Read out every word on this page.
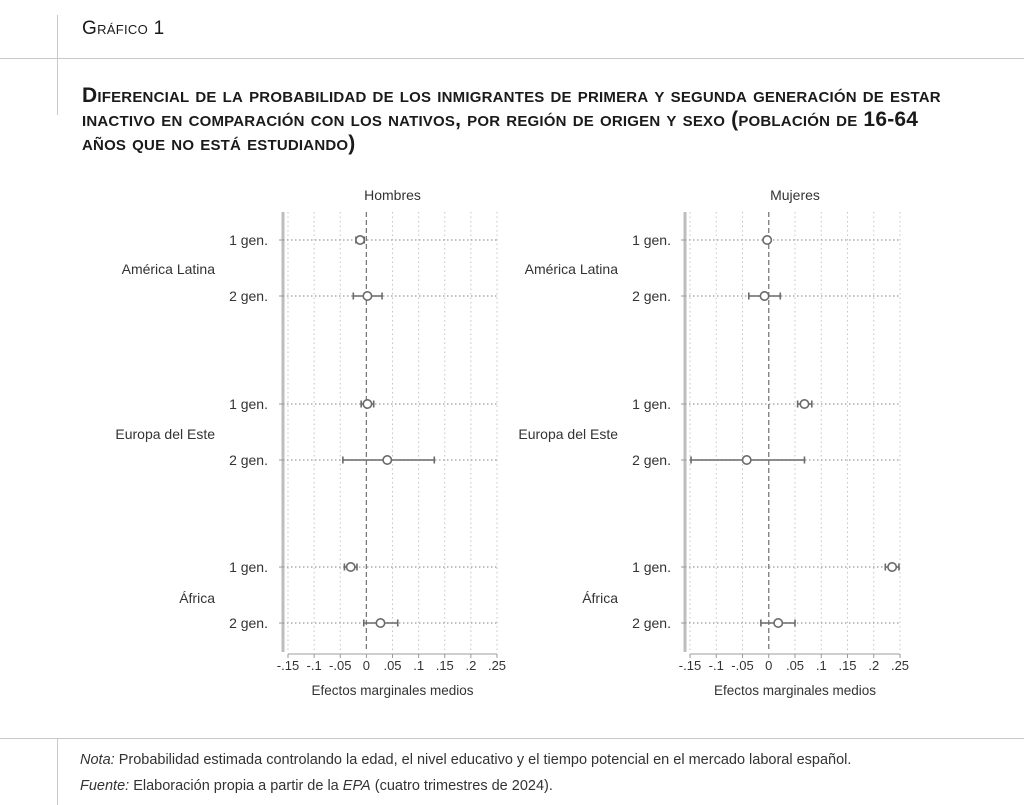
Gráfico 1
Diferencial de la probabilidad de los inmigrantes de primera y segunda generación de estar inactivo en comparación con los nativos, por región de origen y sexo (población de 16-64 años que no está estudiando)
Hombres
-.15 -.1 -.05 0 .05 .1 .15 .2 .25
Efectos marginales medios
América Latina
1 gen.
2 gen.
Europa del Este
1 gen.
2 gen.
África
1 gen.
2 gen.
Mujeres
-.15 -.1 -.05 0 .05 .1 .15 .2 .25
Efectos marginales medios
América Latina
1 gen.
2 gen.
Europa del Este
1 gen.
2 gen.
África
1 gen.
2 gen.
Nota: Probabilidad estimada controlando la edad, el nivel educativo y el tiempo potencial en el mercado laboral español.
Fuente: Elaboración propia a partir de la EPA (cuatro trimestres de 2024).
